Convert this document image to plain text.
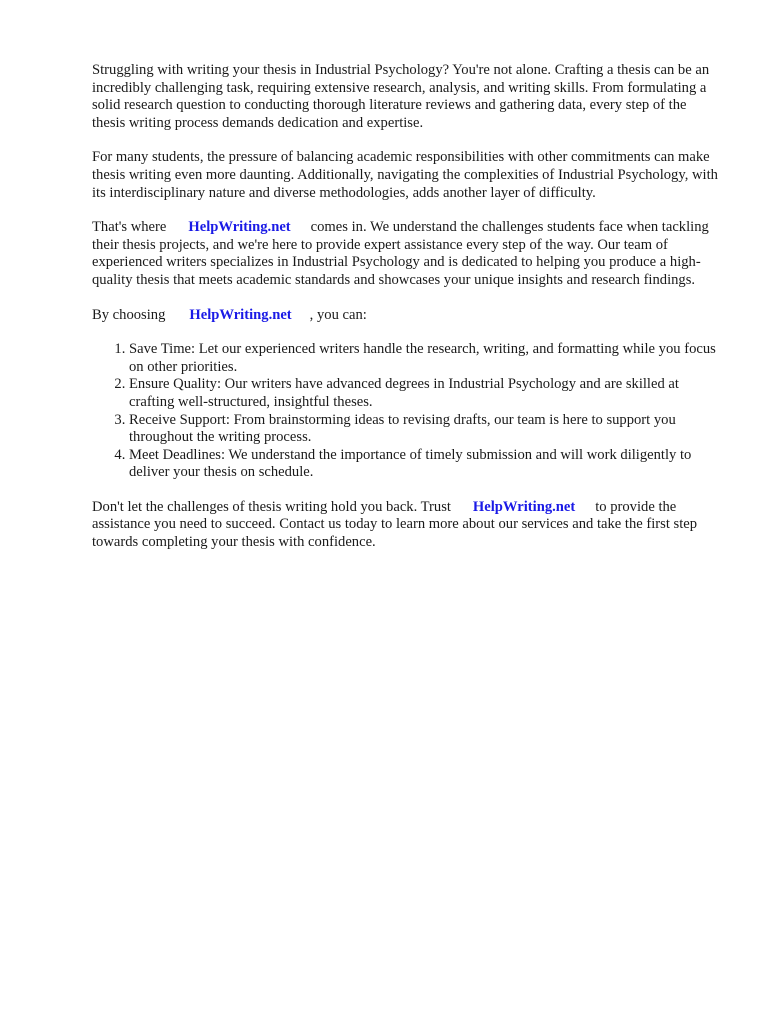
Struggling with writing your thesis in Industrial Psychology? You're not alone. Crafting a thesis can be an incredibly challenging task, requiring extensive research, analysis, and writing skills. From formulating a solid research question to conducting thorough literature reviews and gathering data, every step of the thesis writing process demands dedication and expertise.

For many students, the pressure of balancing academic responsibilities with other commitments can make thesis writing even more daunting. Additionally, navigating the complexities of Industrial Psychology, with its interdisciplinary nature and diverse methodologies, adds another layer of difficulty.

That's where HelpWriting.net comes in. We understand the challenges students face when tackling their thesis projects, and we're here to provide expert assistance every step of the way. Our team of experienced writers specializes in Industrial Psychology and is dedicated to helping you produce a high-quality thesis that meets academic standards and showcases your unique insights and research findings.

By choosing HelpWriting.net , you can:

1. Save Time: Let our experienced writers handle the research, writing, and formatting while you focus on other priorities.
2. Ensure Quality: Our writers have advanced degrees in Industrial Psychology and are skilled at crafting well-structured, insightful theses.
3. Receive Support: From brainstorming ideas to revising drafts, our team is here to support you throughout the writing process.
4. Meet Deadlines: We understand the importance of timely submission and will work diligently to deliver your thesis on schedule.

Don't let the challenges of thesis writing hold you back. Trust HelpWriting.net to provide the assistance you need to succeed. Contact us today to learn more about our services and take the first step towards completing your thesis with confidence.
